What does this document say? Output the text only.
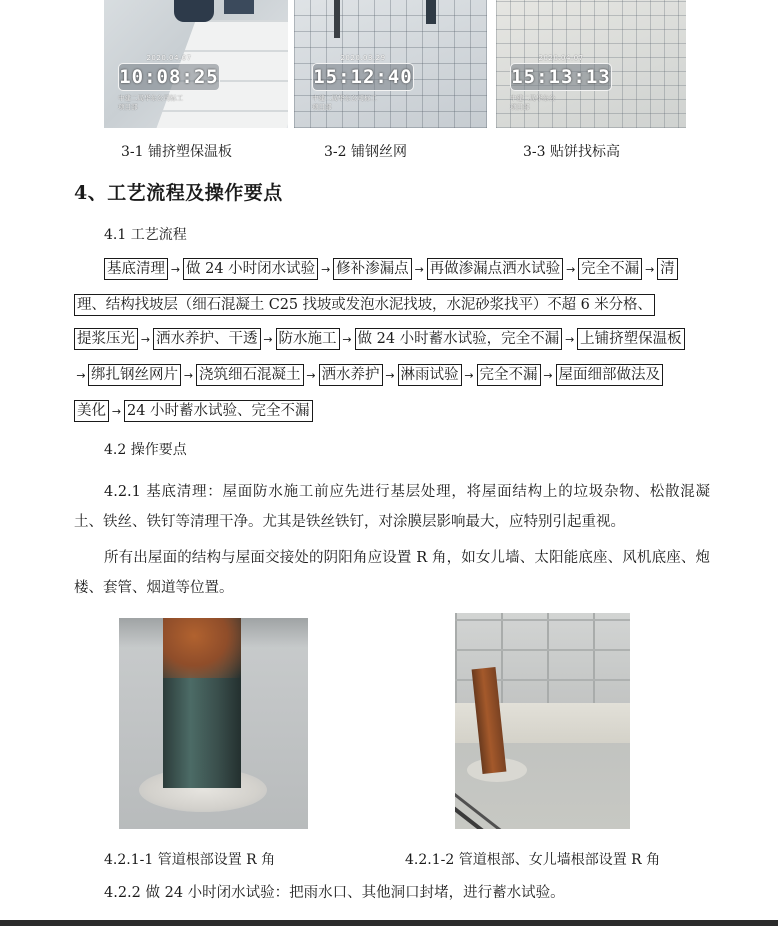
2020.04.07
10:08:25
中建二局华东公司标工
项目部
2020.03.29
15:12:40
中建二局华东公司标工
项目部
2020.04.07
15:13:13
中建二局华东公
项目部
3-1 铺挤塑保温板	3-2 铺钢丝网	3-3 贴饼找标高
4、工艺流程及操作要点
4.1 工艺流程
基底清理 → 做 24 小时闭水试验 → 修补渗漏点 → 再做渗漏点洒水试验 → 完全不漏 → 清
理、结构找坡层（细石混凝土 C25 找坡或发泡水泥找坡，水泥砂浆找平）不超 6 米分格、
提浆压光 → 洒水养护、干透 → 防水施工 → 做 24 小时蓄水试验，完全不漏 → 上铺挤塑保温板
→ 绑扎钢丝网片 → 浇筑细石混凝土 → 洒水养护 → 淋雨试验 → 完全不漏 → 屋面细部做法及
美化 → 24 小时蓄水试验、完全不漏
4.2 操作要点

4.2.1 基底清理：屋面防水施工前应先进行基层处理，将屋面结构上的垃圾杂物、松散混凝土、铁丝、铁钉等清理干净。尤其是铁丝铁钉，对涂膜层影响最大，应特别引起重视。

所有出屋面的结构与屋面交接处的阴阳角应设置 R 角，如女儿墙、太阳能底座、风机底座、炮楼、套管、烟道等位置。

4.2.1-1 管道根部设置 R 角	4.2.1-2 管道根部、女儿墙根部设置 R 角
4.2.2 做 24 小时闭水试验：把雨水口、其他洞口封堵，进行蓄水试验。
